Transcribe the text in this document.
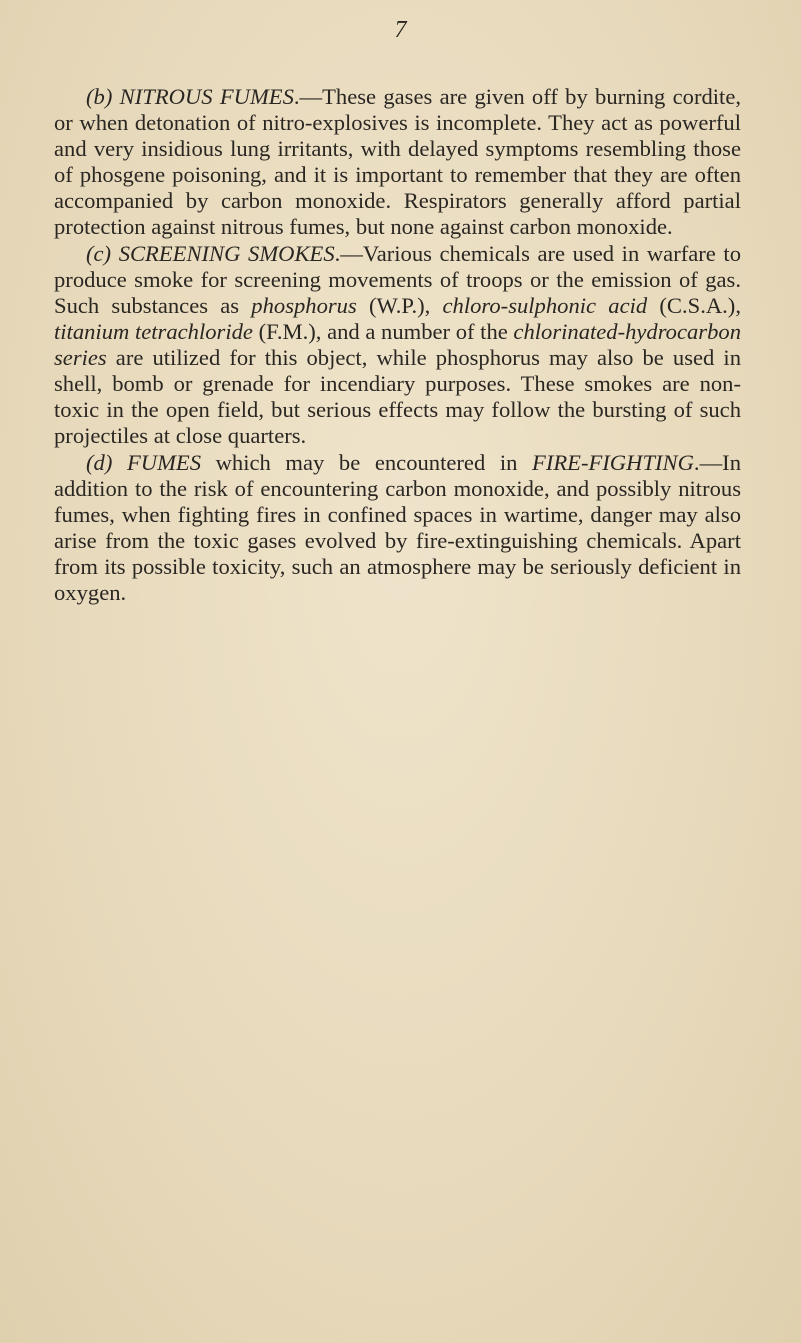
7

(b) NITROUS FUMES.—These gases are given off by burning cordite, or when detonation of nitro-explosives is incomplete. They act as powerful and very insidious lung irritants, with delayed symptoms resembling those of phosgene poisoning, and it is important to remember that they are often accompanied by carbon monoxide. Respirators generally afford partial protection against nitrous fumes, but none against carbon monoxide.

(c) SCREENING SMOKES.—Various chemicals are used in warfare to produce smoke for screening movements of troops or the emission of gas. Such substances as phosphorus (W.P.), chloro-sulphonic acid (C.S.A.), titanium tetrachloride (F.M.), and a number of the chlorinated-hydrocarbon series are utilized for this object, while phosphorus may also be used in shell, bomb or grenade for incendiary purposes. These smokes are non-toxic in the open field, but serious effects may follow the bursting of such projectiles at close quarters.

(d) FUMES which may be encountered in FIRE-FIGHTING.—In addition to the risk of encountering carbon monoxide, and possibly nitrous fumes, when fighting fires in confined spaces in wartime, danger may also arise from the toxic gases evolved by fire-extinguishing chemicals. Apart from its possible toxicity, such an atmosphere may be seriously deficient in oxygen.
